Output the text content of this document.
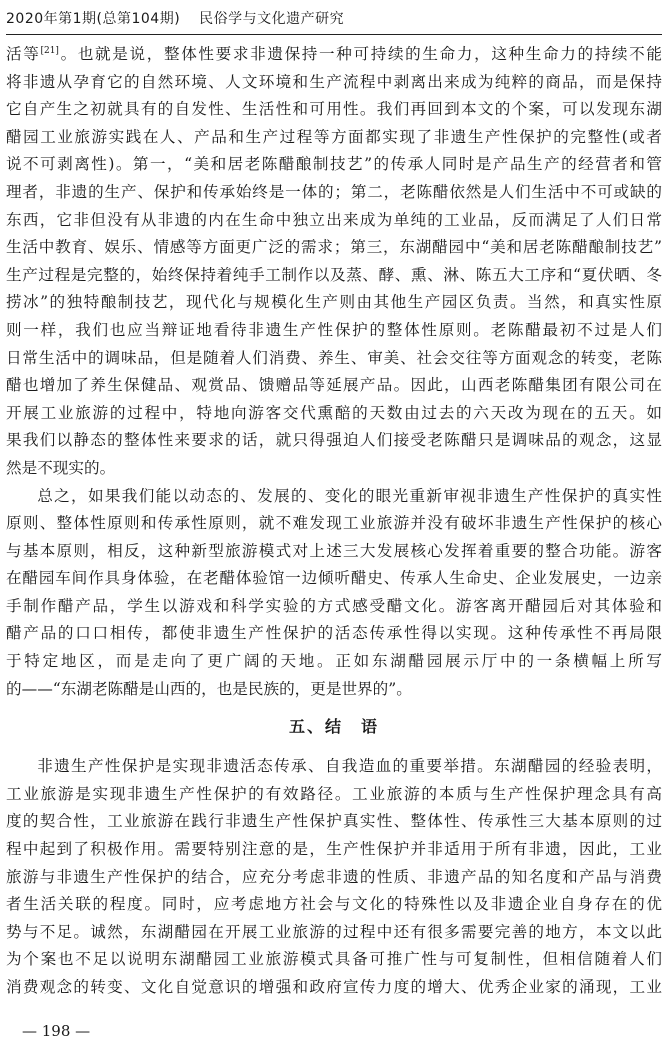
2020年第1期(总第104期) 民俗学与文化遗产研究
活等[21]。也就是说，整体性要求非遗保持一种可持续的生命力，这种生命力的持续不能
将非遗从孕育它的自然环境、人文环境和生产流程中剥离出来成为纯粹的商品，而是保持
它自产生之初就具有的自发性、生活性和可用性。我们再回到本文的个案，可以发现东湖
醋园工业旅游实践在人、产品和生产过程等方面都实现了非遗生产性保护的完整性(或者
说不可剥离性)。第一，“美和居老陈醋酿制技艺”的传承人同时是产品生产的经营者和管
理者，非遗的生产、保护和传承始终是一体的；第二，老陈醋依然是人们生活中不可或缺的
东西，它非但没有从非遗的内在生命中独立出来成为单纯的工业品，反而满足了人们日常
生活中教育、娱乐、情感等方面更广泛的需求；第三，东湖醋园中“美和居老陈醋酿制技艺”
生产过程是完整的，始终保持着纯手工制作以及蒸、酵、熏、淋、陈五大工序和“夏伏晒、冬
捞冰”的独特酿制技艺，现代化与规模化生产则由其他生产园区负责。当然，和真实性原
则一样，我们也应当辩证地看待非遗生产性保护的整体性原则。老陈醋最初不过是人们
日常生活中的调味品，但是随着人们消费、养生、审美、社会交往等方面观念的转变，老陈
醋也增加了养生保健品、观赏品、馈赠品等延展产品。因此，山西老陈醋集团有限公司在
开展工业旅游的过程中，特地向游客交代熏醅的天数由过去的六天改为现在的五天。如
果我们以静态的整体性来要求的话，就只得强迫人们接受老陈醋只是调味品的观念，这显
然是不现实的。
总之，如果我们能以动态的、发展的、变化的眼光重新审视非遗生产性保护的真实性
原则、整体性原则和传承性原则，就不难发现工业旅游并没有破坏非遗生产性保护的核心
与基本原则，相反，这种新型旅游模式对上述三大发展核心发挥着重要的整合功能。游客
在醋园车间作具身体验，在老醋体验馆一边倾听醋史、传承人生命史、企业发展史，一边亲
手制作醋产品，学生以游戏和科学实验的方式感受醋文化。游客离开醋园后对其体验和
醋产品的口口相传，都使非遗生产性保护的活态传承性得以实现。这种传承性不再局限
于特定地区，而是走向了更广阔的天地。正如东湖醋园展示厅中的一条横幅上所写
的——“东湖老陈醋是山西的，也是民族的，更是世界的”。
五、结　语
非遗生产性保护是实现非遗活态传承、自我造血的重要举措。东湖醋园的经验表明，
工业旅游是实现非遗生产性保护的有效路径。工业旅游的本质与生产性保护理念具有高
度的契合性，工业旅游在践行非遗生产性保护真实性、整体性、传承性三大基本原则的过
程中起到了积极作用。需要特别注意的是，生产性保护并非适用于所有非遗，因此，工业
旅游与非遗生产性保护的结合，应充分考虑非遗的性质、非遗产品的知名度和产品与消费
者生活关联的程度。同时，应考虑地方社会与文化的特殊性以及非遗企业自身存在的优
势与不足。诚然，东湖醋园在开展工业旅游的过程中还有很多需要完善的地方，本文以此
为个案也不足以说明东湖醋园工业旅游模式具备可推广性与可复制性，但相信随着人们
消费观念的转变、文化自觉意识的增强和政府宣传力度的增大、优秀企业家的涌现，工业
— 198 —
